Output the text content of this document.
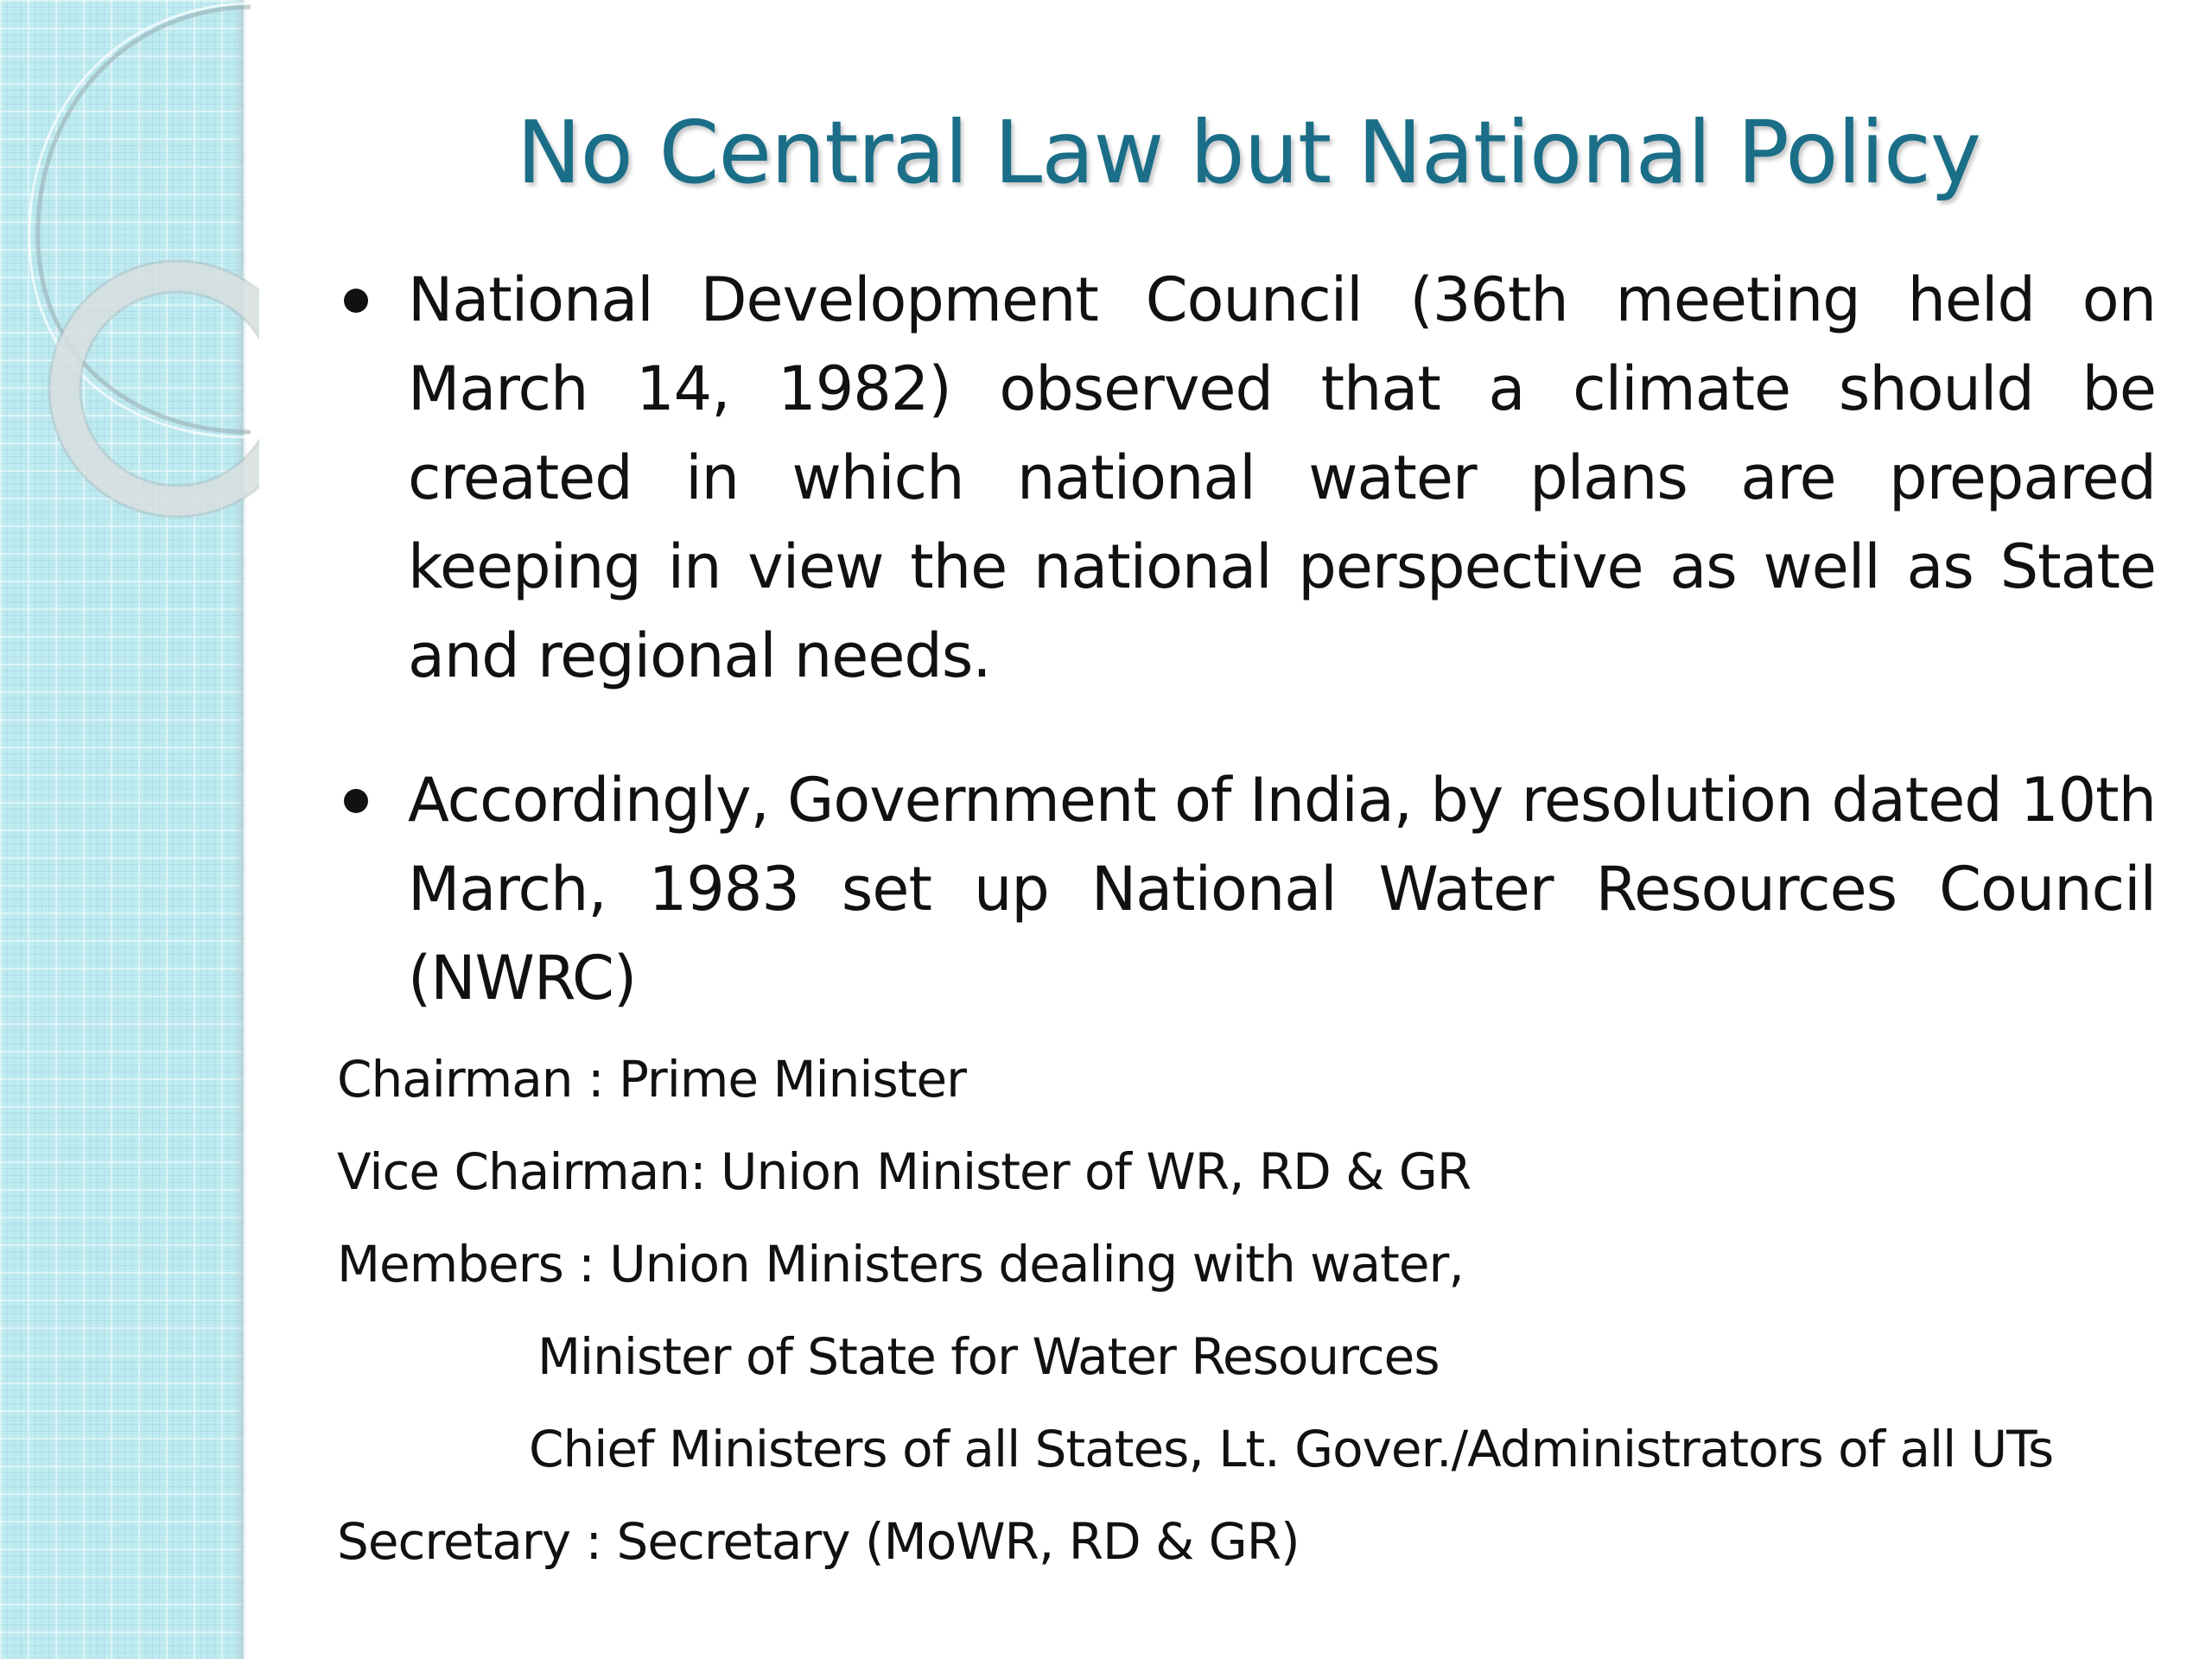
No Central Law but National Policy
National Development Council (36th meeting held on March 14, 1982) observed that a climate should be created in which national water plans are prepared keeping in view the national perspective as well as State and regional needs.
Accordingly, Government of India, by resolution dated 10th March, 1983 set up National Water Resources Council (NWRC)
Chairman : Prime Minister
Vice Chairman: Union Minister of WR, RD & GR
Members : Union Ministers dealing with water,
Minister of State for Water Resources
Chief Ministers of all States, Lt. Gover./Administrators of all UTs
Secretary : Secretary (MoWR, RD & GR)
